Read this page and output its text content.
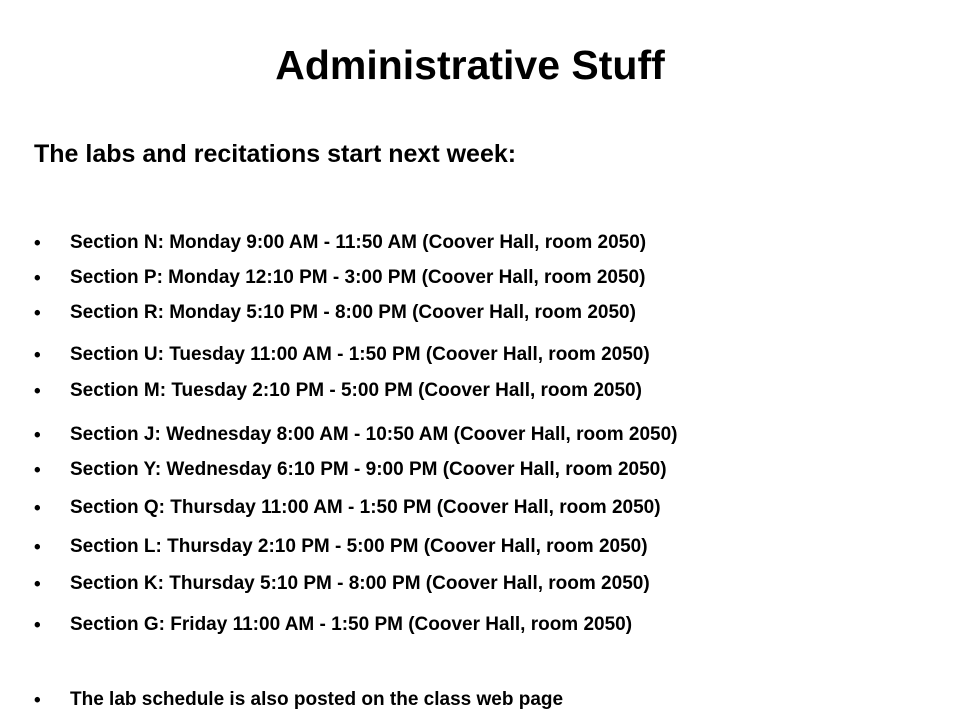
Administrative Stuff
The labs and recitations start next week:
•	Section N: Monday 9:00 AM - 11:50 AM (Coover Hall, room 2050)
•	Section P: Monday 12:10 PM - 3:00 PM (Coover Hall, room 2050)
•	Section R: Monday 5:10 PM - 8:00 PM (Coover Hall, room 2050)
•	Section U: Tuesday 11:00 AM - 1:50 PM (Coover Hall, room 2050)
•	Section M: Tuesday 2:10 PM - 5:00 PM (Coover Hall, room 2050)
•	Section J: Wednesday 8:00 AM - 10:50 AM (Coover Hall, room 2050)
•	Section Y: Wednesday 6:10 PM - 9:00 PM (Coover Hall, room 2050)
•	Section Q: Thursday 11:00 AM - 1:50 PM (Coover Hall, room 2050)
•	Section L: Thursday 2:10 PM - 5:00 PM (Coover Hall, room 2050)
•	Section K: Thursday 5:10 PM - 8:00 PM (Coover Hall, room 2050)
•	Section G: Friday 11:00 AM - 1:50 PM (Coover Hall, room 2050)
•	The lab schedule is also posted on the class web page
